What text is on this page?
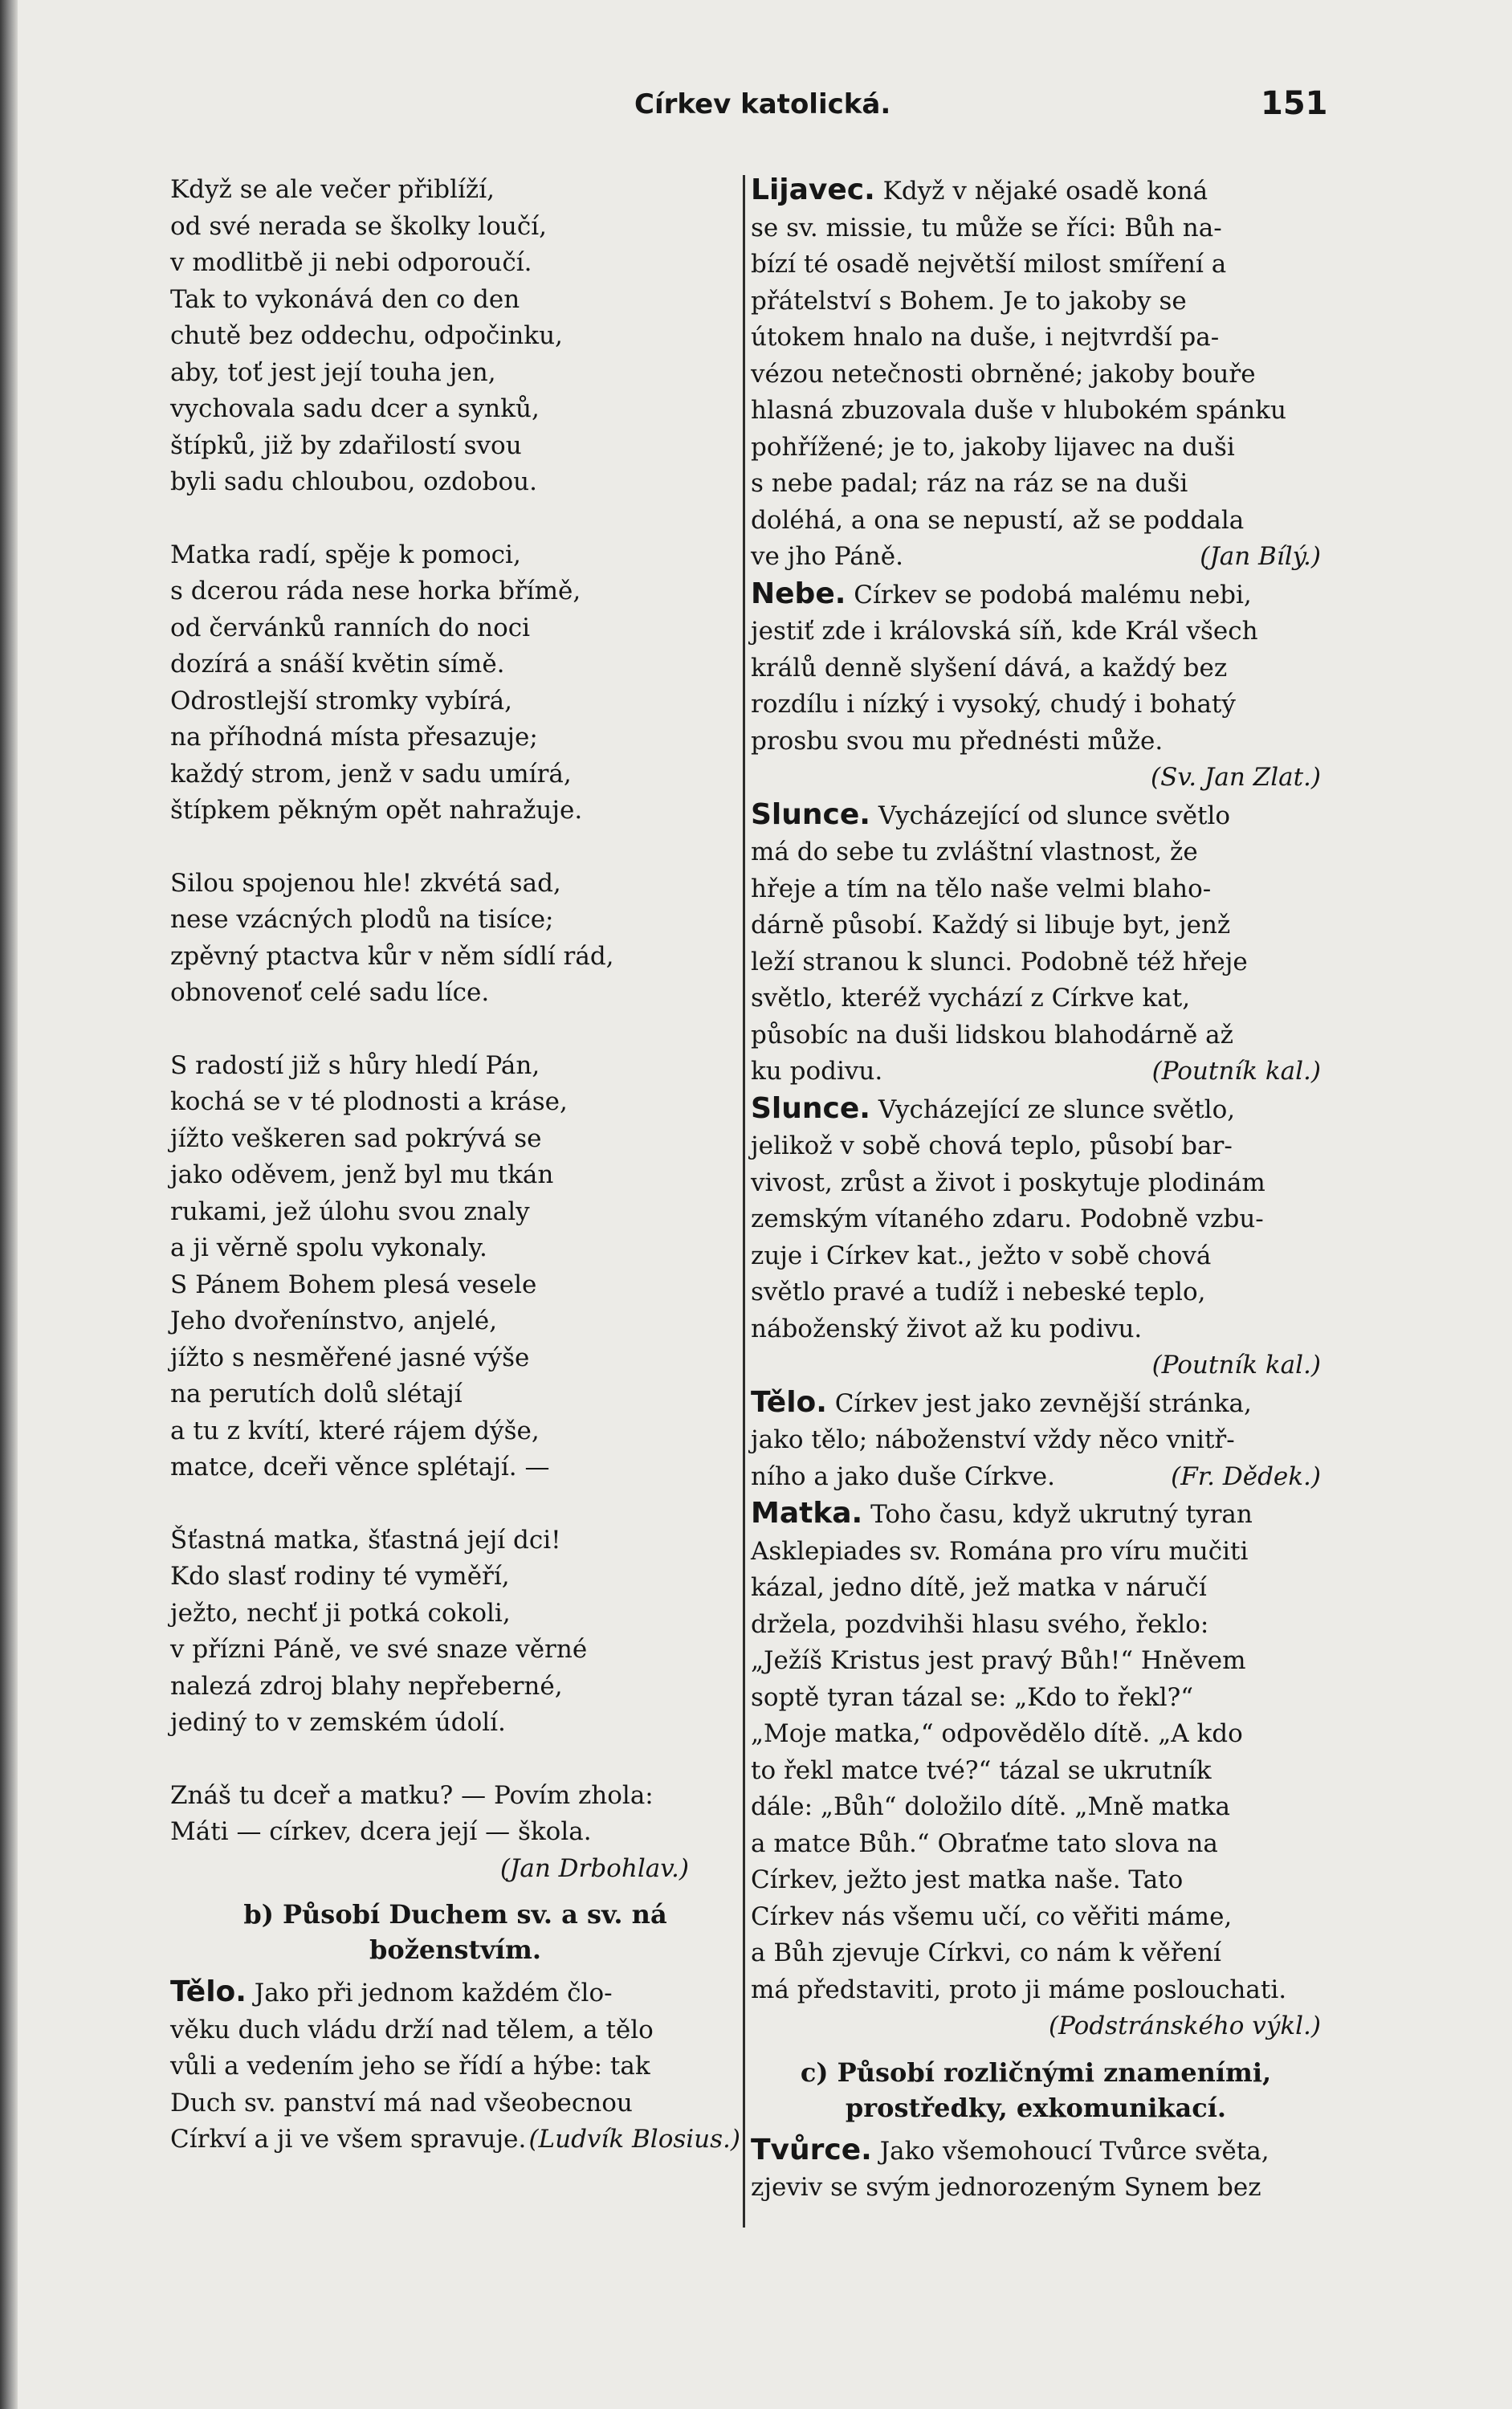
Církev katolická.	151
Když se ale večer přiblíží,
od své nerada se školky loučí,
v modlitbě ji nebi odporoučí.
Tak to vykonává den co den
chutě bez oddechu, odpočinku,
aby, toť jest její touha jen,
vychovala sadu dcer a synků,
štípků, již by zdařilostí svou
byli sadu chloubou, ozdobou.
Matka radí, spěje k pomoci,
s dcerou ráda nese horka břímě,
od červánků ranních do noci
dozírá a snáší květin símě.
Odrostlejší stromky vybírá,
na příhodná místa přesazuje;
každý strom, jenž v sadu umírá,
štípkem pěkným opět nahražuje.
Silou spojenou hle! zkvétá sad,
nese vzácných plodů na tisíce;
zpěvný ptactva kůr v něm sídlí rád,
obnovenoť celé sadu líce.
S radostí již s hůry hledí Pán,
kochá se v té plodnosti a kráse,
jížto veškeren sad pokrývá se
jako oděvem, jenž byl mu tkán
rukami, jež úlohu svou znaly
a ji věrně spolu vykonaly.
S Pánem Bohem plesá vesele
Jeho dvořenínstvo, anjelé,
jížto s nesměřené jasné výše
na perutích dolů slétají
a tu z kvítí, které rájem dýše,
matce, dceři věnce splétají. —
Šťastná matka, šťastná její dci!
Kdo slasť rodiny té vyměří,
ježto, nechť ji potká cokoli,
v přízni Páně, ve své snaze věrné
nalezá zdroj blahy nepřeberné,
jediný to v zemském údolí.
Znáš tu dceř a matku? — Povím zhola:
Máti — církev, dcera její — škola.
(Jan Drbohlav.)
b) Působí Duchem sv. a sv. ná
boženstvím.
Tělo. Jako při jednom každém člo-
věku duch vládu drží nad tělem, a tělo
vůli a vedením jeho se řídí a hýbe: tak
Duch sv. panství má nad všeobecnou
Církví a ji ve všem spravuje. (Ludvík Blosius.)
Lijavec. Když v nějaké osadě koná
se sv. missie, tu může se říci: Bůh na-
bízí té osadě největší milost smíření a
přátelství s Bohem. Je to jakoby se
útokem hnalo na duše, i nejtvrdší pa-
vézou netečnosti obrněné; jakoby bouře
hlasná zbuzovala duše v hlubokém spánku
pohřížené; je to, jakoby lijavec na duši
s nebe padal; ráz na ráz se na duši
doléhá, a ona se nepustí, až se poddala
ve jho Páně.	(Jan Bílý.)
Nebe. Církev se podobá malému nebi,
jestiť zde i královská síň, kde Král všech
králů denně slyšení dává, a každý bez
rozdílu i nízký i vysoký, chudý i bohatý
prosbu svou mu přednésti může.
(Sv. Jan Zlat.)
Slunce. Vycházející od slunce světlo
má do sebe tu zvláštní vlastnost, že
hřeje a tím na tělo naše velmi blaho-
dárně působí. Každý si libuje byt, jenž
leží stranou k slunci. Podobně též hřeje
světlo, kteréž vychází z Církve kat,
působíc na duši lidskou blahodárně až
ku podivu.	(Poutník kal.)
Slunce. Vycházející ze slunce světlo,
jelikož v sobě chová teplo, působí bar-
vivost, zrůst a život i poskytuje plodinám
zemským vítaného zdaru. Podobně vzbu-
zuje i Církev kat., ježto v sobě chová
světlo pravé a tudíž i nebeské teplo,
náboženský život až ku podivu.
(Poutník kal.)
Tělo. Církev jest jako zevnější stránka,
jako tělo; náboženství vždy něco vnitř-
ního a jako duše Církve.	(Fr. Dědek.)
Matka. Toho času, když ukrutný tyran
Asklepiades sv. Romána pro víru mučiti
kázal, jedno dítě, jež matka v náručí
držela, pozdvihši hlasu svého, řeklo:
„Ježíš Kristus jest pravý Bůh!“ Hněvem
soptě tyran tázal se: „Kdo to řekl?“
„Moje matka,“ odpovědělo dítě. „A kdo
to řekl matce tvé?“ tázal se ukrutník
dále: „Bůh“ doložilo dítě. „Mně matka
a matce Bůh.“ Obraťme tato slova na
Církev, ježto jest matka naše. Tato
Církev nás všemu učí, co věřiti máme,
a Bůh zjevuje Církvi, co nám k věření
má představiti, proto ji máme poslouchati.
(Podstránského výkl.)
c) Působí rozličnými znameními,
prostředky, exkomunikací.
Tvůrce. Jako všemohoucí Tvůrce světa,
zjeviv se svým jednorozeným Synem bez
